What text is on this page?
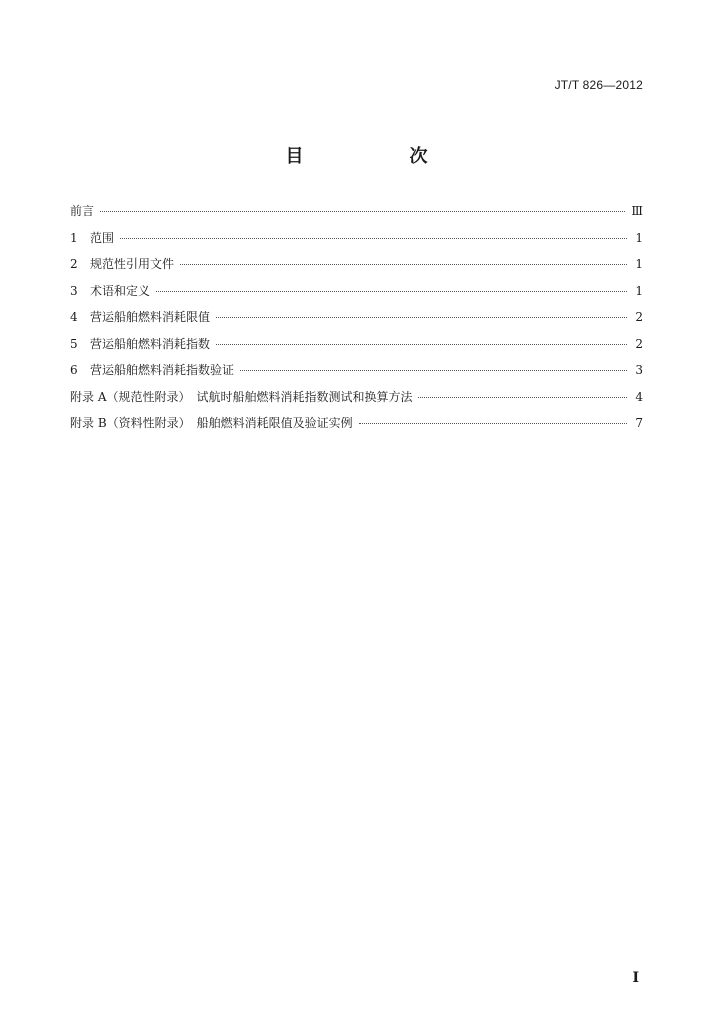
JT/T 826—2012
目　次
前言	Ⅲ
1	范围	1
2	规范性引用文件	1
3	术语和定义	1
4	营运船舶燃料消耗限值	2
5	营运船舶燃料消耗指数	2
6	营运船舶燃料消耗指数验证	3
附录 A（规范性附录）　试航时船舶燃料消耗指数测试和换算方法	4
附录 B（资料性附录）　船舶燃料消耗限值及验证实例	7
Ⅰ
